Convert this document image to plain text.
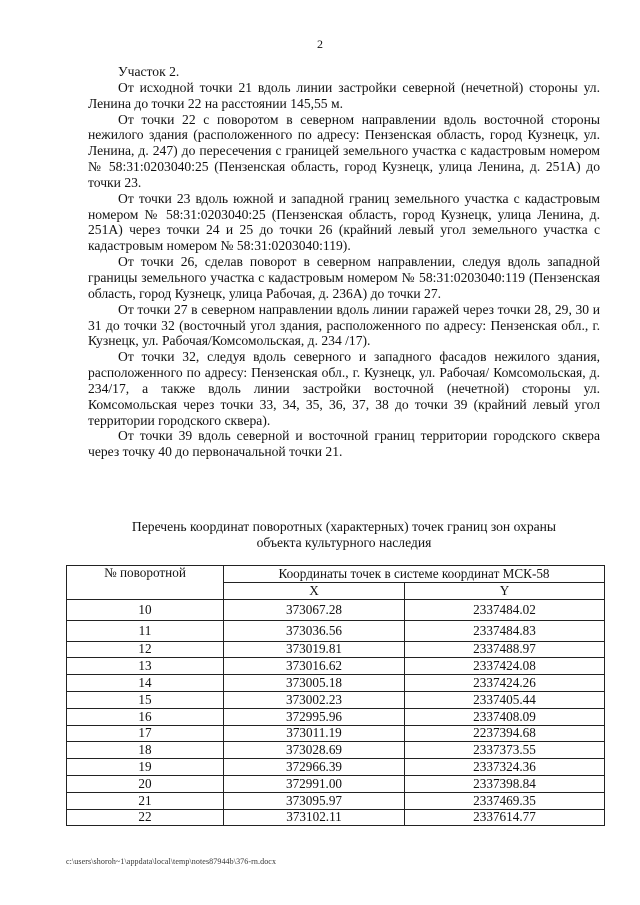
2

Участок 2.

От исходной точки 21 вдоль линии застройки северной (нечетной) стороны ул. Ленина до точки 22 на расстоянии 145,55 м.

От точки 22 с поворотом в северном направлении вдоль восточной стороны нежилого здания (расположенного по адресу: Пензенская область, город Кузнецк, ул. Ленина, д. 247) до пересечения с границей земельного участка с кадастровым номером № 58:31:0203040:25 (Пензенская область, город Кузнецк, улица Ленина, д. 251А) до точки 23.

От точки 23 вдоль южной и западной границ земельного участка с кадастровым номером № 58:31:0203040:25 (Пензенская область, город Кузнецк, улица Ленина, д. 251А) через точки 24 и 25 до точки 26 (крайний левый угол земельного участка с кадастровым номером № 58:31:0203040:119).

От точки 26, сделав поворот в северном направлении, следуя вдоль западной границы земельного участка с кадастровым номером № 58:31:0203040:119 (Пензенская область, город Кузнецк, улица Рабочая, д. 236А) до точки 27.

От точки 27 в северном направлении вдоль линии гаражей через точки 28, 29, 30 и 31 до точки 32 (восточный угол здания, расположенного по адресу: Пензенская обл., г. Кузнецк, ул. Рабочая/Комсомольская, д. 234 /17).

От точки 32, следуя вдоль северного и западного фасадов нежилого здания, расположенного по адресу: Пензенская обл., г. Кузнецк, ул. Рабочая/ Комсомольская, д. 234/17, а также вдоль линии застройки восточной (нечетной) стороны ул. Комсомольская через точки 33, 34, 35, 36, 37, 38 до точки 39 (крайний левый угол территории городского сквера).

От точки 39 вдоль северной и восточной границ территории городского сквера через точку 40 до первоначальной точки 21.

Перечень координат поворотных (характерных) точек границ зон охраны
объекта культурного наследия
№ поворотной	Координаты точек в системе координат МСК-58	
	X	Y
10	373067.28	2337484.02
11	373036.56	2337484.83
12	373019.81	2337488.97
13	373016.62	2337424.08
14	373005.18	2337424.26
15	373002.23	2337405.44
16	372995.96	2337408.09
17	373011.19	2237394.68
18	373028.69	2337373.55
19	372966.39	2337324.36
20	372991.00	2337398.84
21	373095.97	2337469.35
22	373102.11	2337614.77
c:\users\shoroh~1\appdata\local\temp\notes87944b\376-rn.docx
